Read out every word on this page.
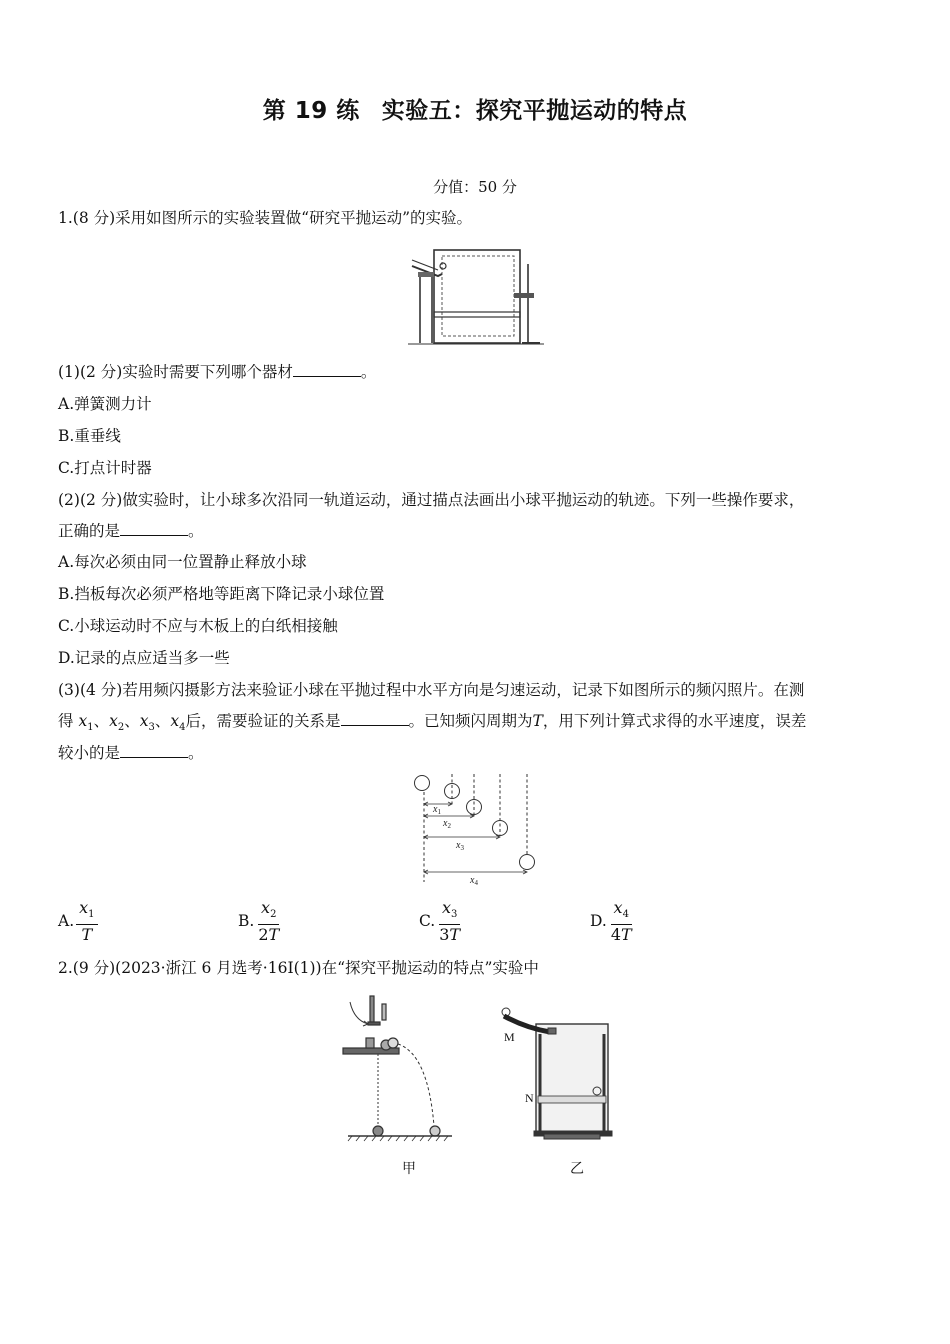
第 19 练 实验五：探究平抛运动的特点
分值：50 分
1.(8 分)采用如图所示的实验装置做“研究平抛运动”的实验。
(1)(2 分)实验时需要下列哪个器材	。
A.弹簧测力计
B.重垂线
C.打点计时器
(2)(2 分)做实验时，让小球多次沿同一轨道运动，通过描点法画出小球平抛运动的轨迹。下列一些操作要求，
正确的是	。
A.每次必须由同一位置静止释放小球
B.挡板每次必须严格地等距离下降记录小球位置
C.小球运动时不应与木板上的白纸相接触
D.记录的点应适当多一些
(3)(4 分)若用频闪摄影方法来验证小球在平抛过程中水平方向是匀速运动，记录下如图所示的频闪照片。在测
得 $x_1$、$x_2$、$x_3$、$x_4$后，需要验证的关系是	。已知频闪周期为T，用下列计算式求得的水平速度，误差
较小的是	。
$x_1$
$x_2$
$x_3$
$x_4$
A. $\frac{x_1}{T}$	B. $\frac{x_2}{2T}$	C. $\frac{x_3}{3T}$	D. $\frac{x_4}{4T}$
2.(9 分)(2023·浙江 6 月选考·16Ⅰ(1))在“探究平抛运动的特点”实验中
M
N
甲	乙
